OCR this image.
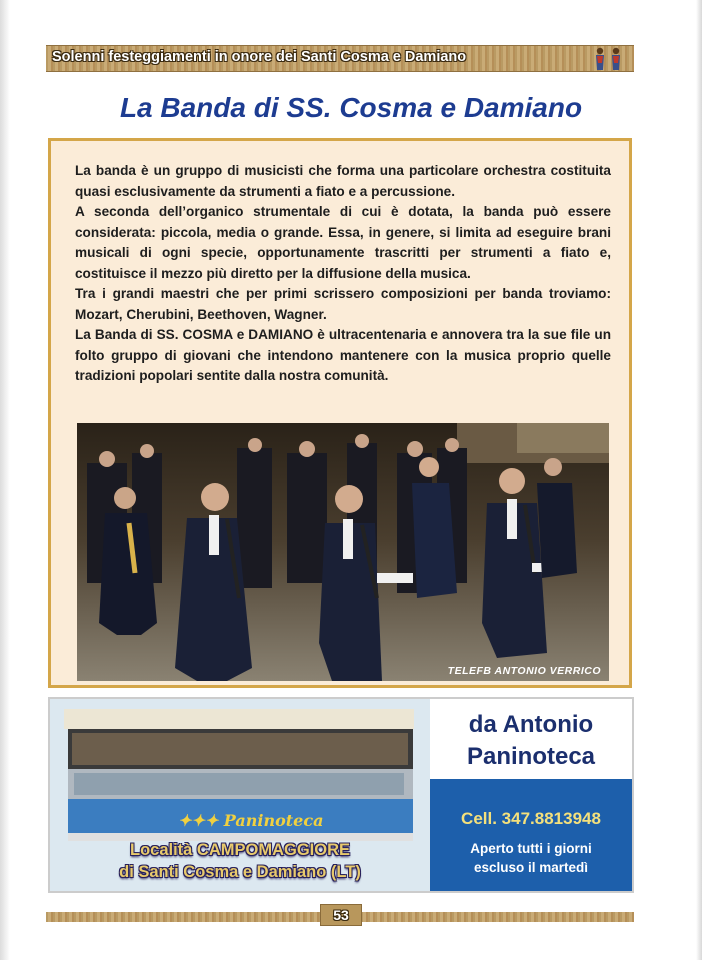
Solenni festeggiamenti in onore dei Santi Cosma e Damiano
La Banda di SS. Cosma e Damiano

La banda è un gruppo di musicisti che forma una particolare orchestra costituita quasi esclusivamente da strumenti a fiato e a percussione.

A seconda dell’organico strumentale di cui è dotata, la banda può essere considerata: piccola, media o grande. Essa, in genere, si limita ad eseguire brani musicali di ogni specie, opportunamente trascritti per strumenti a fiato e, costituisce il mezzo più diretto per la diffusione della musica.

Tra i grandi maestri che per primi scrissero composizioni per banda troviamo: Mozart, Cherubini, Beethoven, Wagner.

La Banda di SS. COSMA e DAMIANO è ultracentenaria e annovera tra la sue file un folto gruppo di giovani che intendono mantenere con la musica proprio quelle tradizioni popolari sentite dalla nostra comunità.

TELEFB ANTONIO VERRICO
✦✦✦ Paninoteca
Località CAMPOMAGGIORE
di Santi Cosma e Damiano (LT)
da Antonio
Paninoteca
Cell. 347.8813948
Aperto tutti i giorni
escluso il martedì
53
